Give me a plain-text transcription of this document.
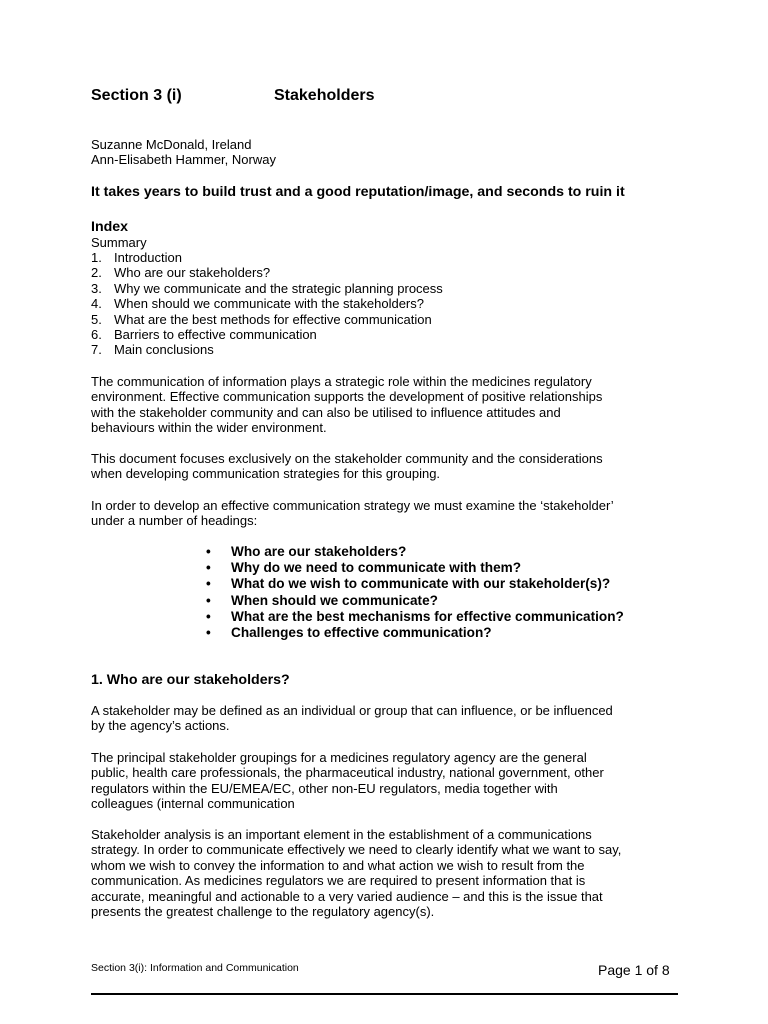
Section 3 (i)	Stakeholders
Suzanne McDonald, Ireland
Ann-Elisabeth Hammer, Norway
It takes years to build trust and a good reputation/image, and seconds to ruin it
Index
Summary
1. Introduction
2. Who are our stakeholders?
3. Why we communicate and the strategic planning process
4. When should we communicate with the stakeholders?
5. What are the best methods for effective communication
6. Barriers to effective communication
7. Main conclusions
The communication of information plays a strategic role within the medicines regulatory
environment. Effective communication supports the development of positive relationships
with the stakeholder community and can also be utilised to influence attitudes and
behaviours within the wider environment.
This document focuses exclusively on the stakeholder community and the considerations
when developing communication strategies for this grouping.
In order to develop an effective communication strategy we must examine the ‘stakeholder’
under a number of headings:
•	Who are our stakeholders?
•	Why do we need to communicate with them?
•	What do we wish to communicate with our stakeholder(s)?
•	When should we communicate?
•	What are the best mechanisms for effective communication?
•	Challenges to effective communication?
1. Who are our stakeholders?
A stakeholder may be defined as an individual or group that can influence, or be influenced
by the agency’s actions.
The principal stakeholder groupings for a medicines regulatory agency are the general
public, health care professionals, the pharmaceutical industry, national government, other
regulators within the EU/EMEA/EC, other non-EU regulators, media together with
colleagues (internal communication
Stakeholder analysis is an important element in the establishment of a communications
strategy. In order to communicate effectively we need to clearly identify what we want to say,
whom we wish to convey the information to and what action we wish to result from the
communication. As medicines regulators we are required to present information that is
accurate, meaningful and actionable to a very varied audience – and this is the issue that
presents the greatest challenge to the regulatory agency(s).
Section 3(i): Information and Communication	Page 1 of 8
